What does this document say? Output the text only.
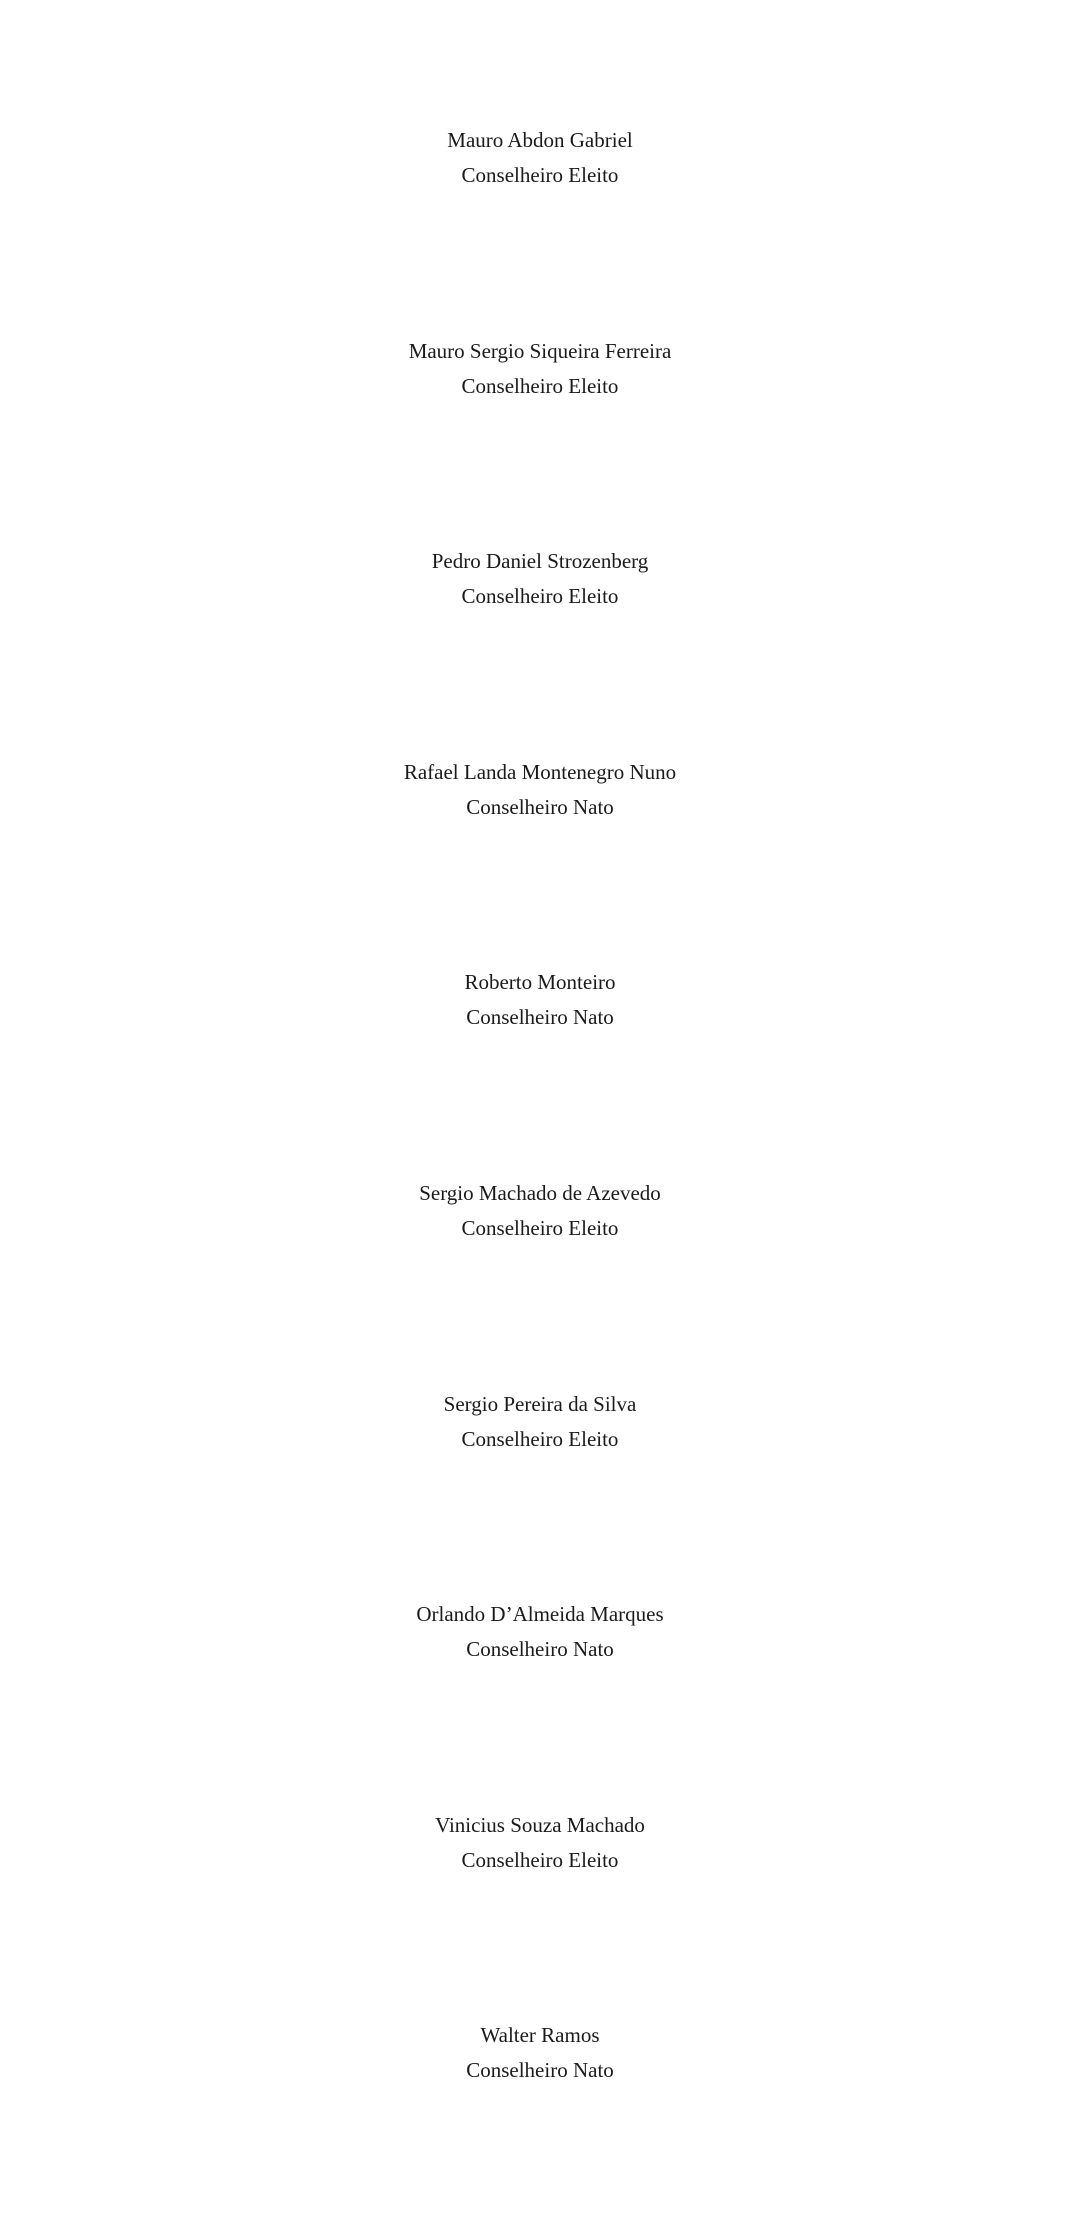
Mauro Abdon Gabriel
Conselheiro Eleito
Mauro Sergio Siqueira Ferreira
Conselheiro Eleito
Pedro Daniel Strozenberg
Conselheiro Eleito
Rafael Landa Montenegro Nuno
Conselheiro Nato
Roberto Monteiro
Conselheiro Nato
Sergio Machado de Azevedo
Conselheiro Eleito
Sergio Pereira da Silva
Conselheiro Eleito
Orlando D’Almeida Marques
Conselheiro Nato
Vinicius Souza Machado
Conselheiro Eleito
Walter Ramos
Conselheiro Nato
